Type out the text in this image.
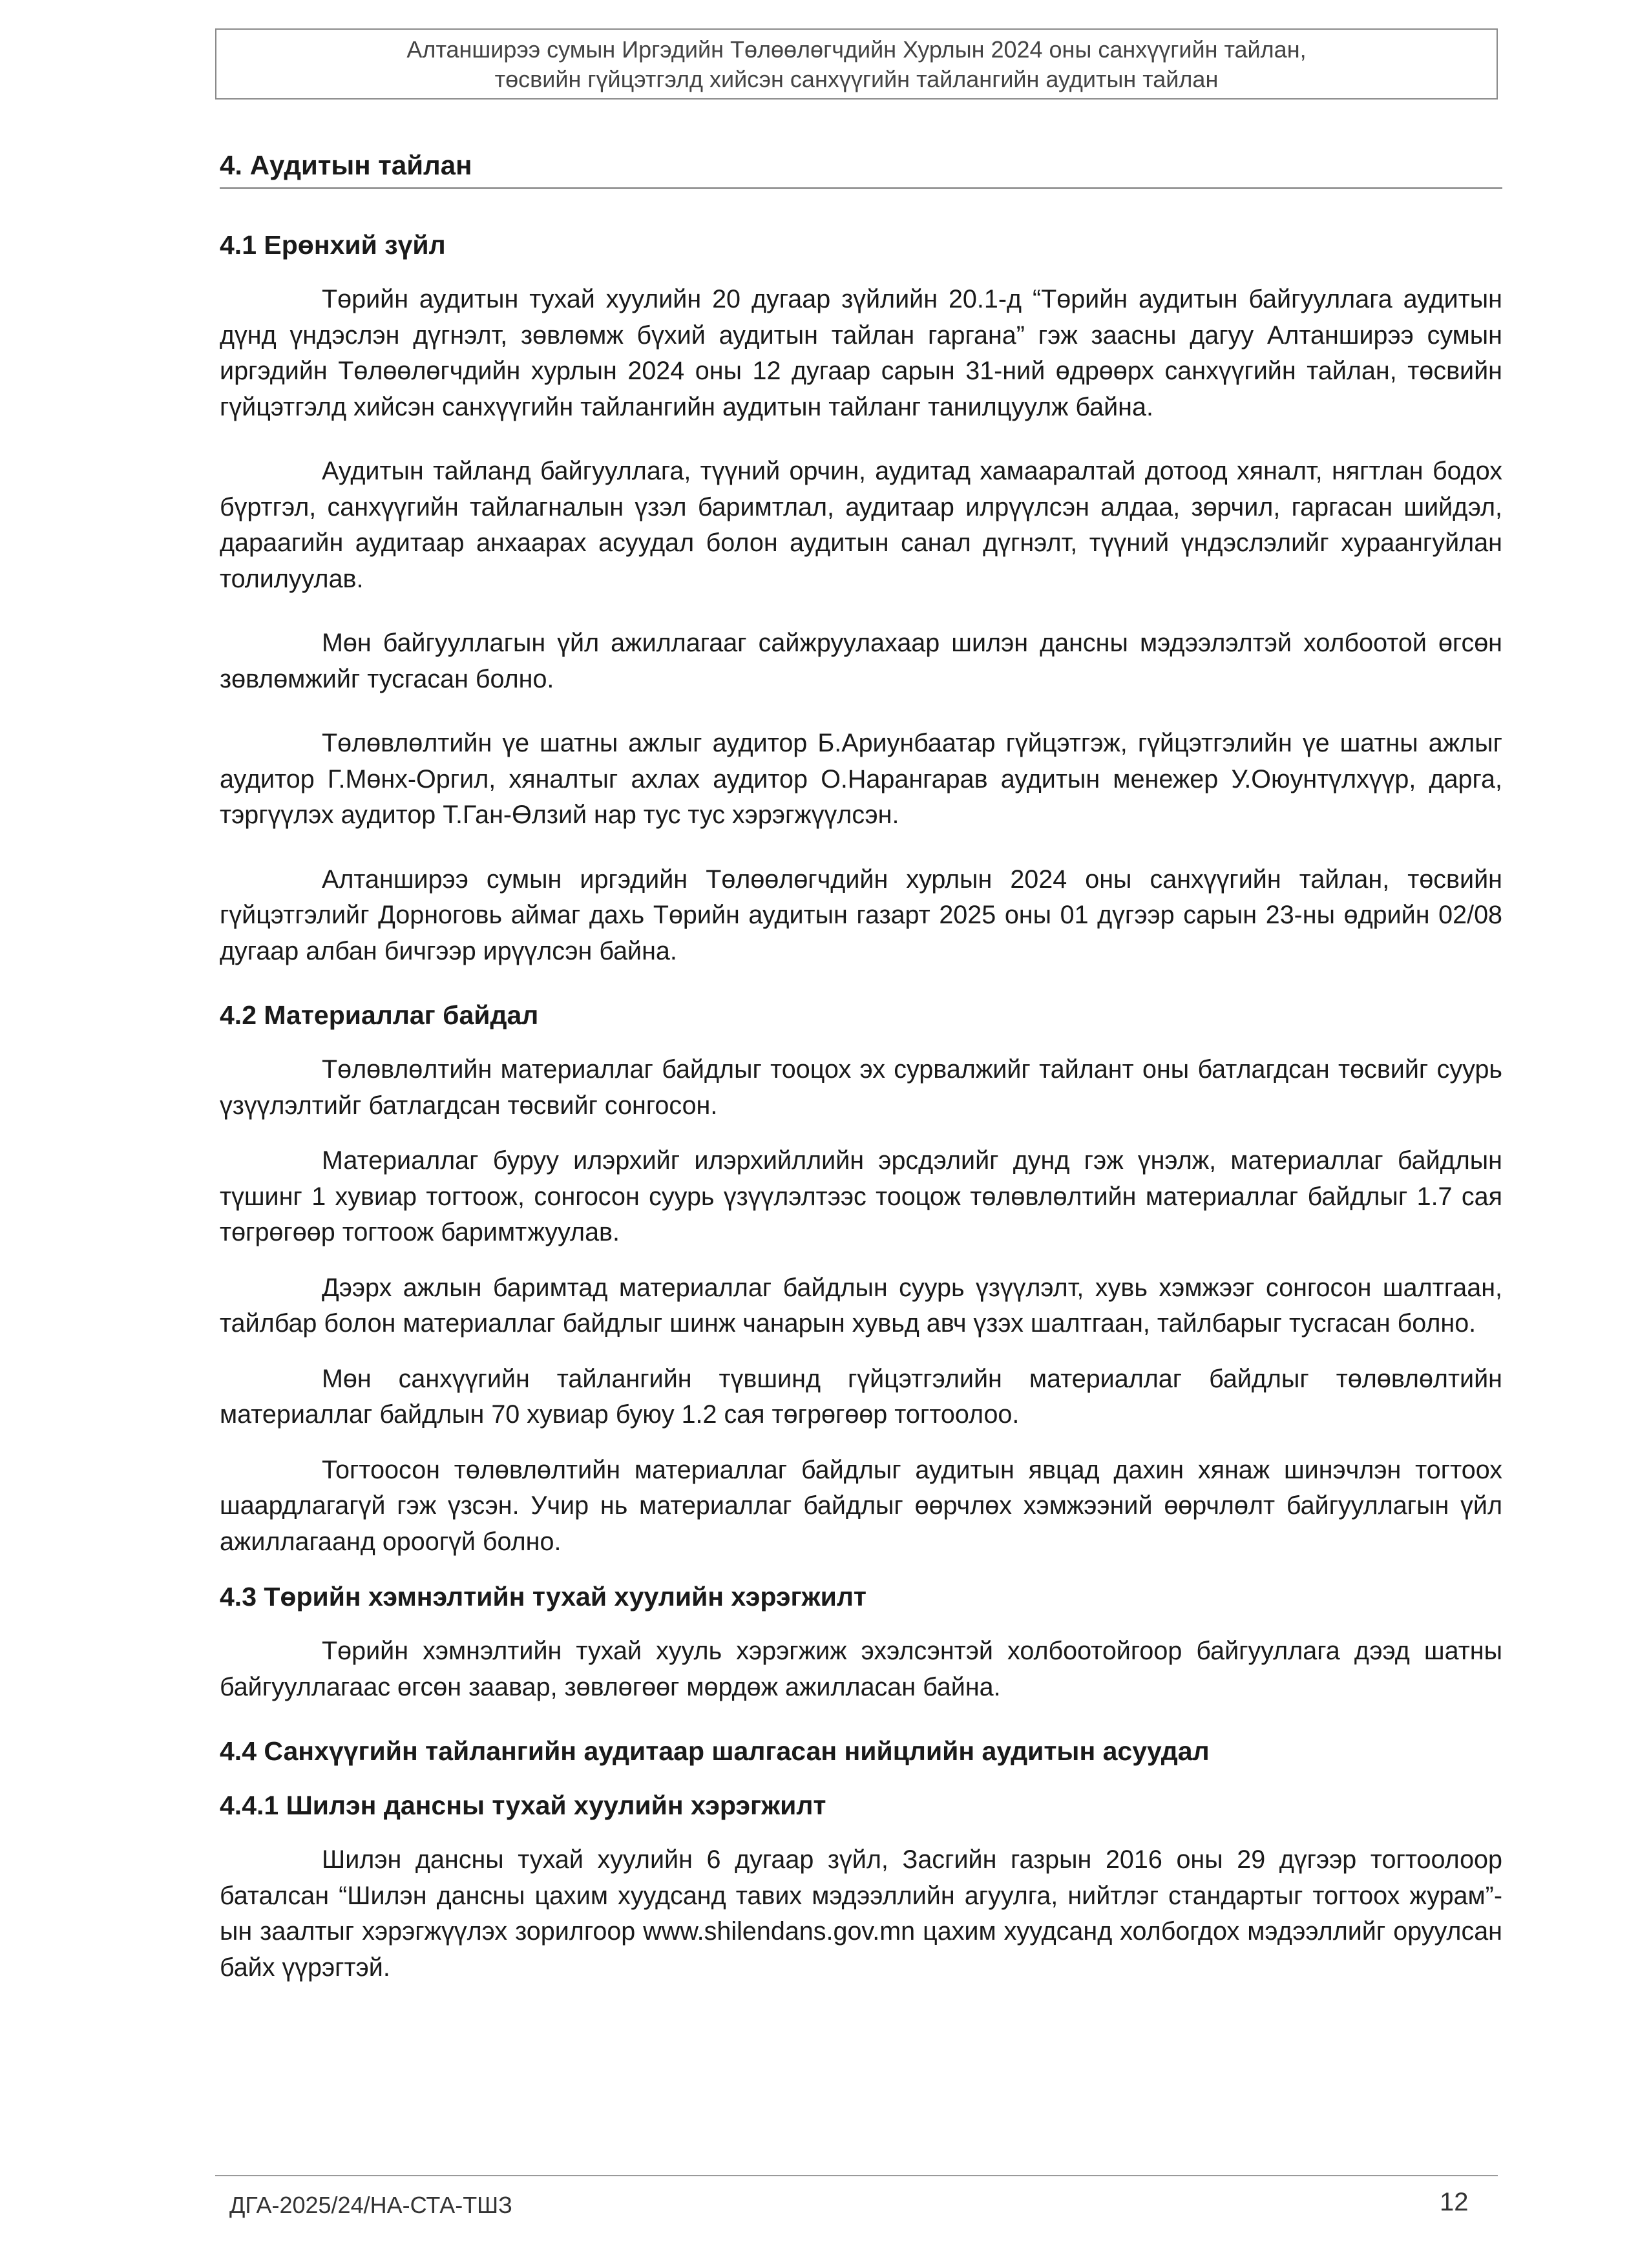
Алтанширээ сумын Иргэдийн Төлөөлөгчдийн Хурлын 2024 оны санхүүгийн тайлан,
төсвийн гүйцэтгэлд хийсэн санхүүгийн тайлангийн аудитын тайлан
4. Аудитын тайлан
4.1 Ерөнхий зүйл

Төрийн аудитын тухай хуулийн 20 дугаар зүйлийн 20.1-д “Төрийн аудитын байгууллага аудитын дүнд үндэслэн дүгнэлт, зөвлөмж бүхий аудитын тайлан гаргана” гэж заасны дагуу Алтанширээ сумын иргэдийн Төлөөлөгчдийн хурлын 2024 оны 12 дугаар сарын 31-ний өдрөөрх санхүүгийн тайлан, төсвийн гүйцэтгэлд хийсэн санхүүгийн тайлангийн аудитын тайланг танилцуулж байна.

Аудитын тайланд байгууллага, түүний орчин, аудитад хамааралтай дотоод хяналт, нягтлан бодох бүртгэл, санхүүгийн тайлагналын үзэл баримтлал, аудитаар илрүүлсэн алдаа, зөрчил, гаргасан шийдэл, дараагийн аудитаар анхаарах асуудал болон аудитын санал дүгнэлт, түүний үндэслэлийг хураангуйлан толилуулав.

Мөн байгууллагын үйл ажиллагааг сайжруулахаар шилэн дансны мэдээлэлтэй холбоотой өгсөн зөвлөмжийг тусгасан болно.

Төлөвлөлтийн үе шатны ажлыг аудитор Б.Ариунбаатар гүйцэтгэж, гүйцэтгэлийн үе шатны ажлыг аудитор Г.Мөнх-Оргил, хяналтыг ахлах аудитор О.Нарангарав аудитын менежер У.Оюунтүлхүүр, дарга, тэргүүлэх аудитор Т.Ган-Өлзий нар тус тус хэрэгжүүлсэн.

Алтанширээ сумын иргэдийн Төлөөлөгчдийн хурлын 2024 оны санхүүгийн тайлан, төсвийн гүйцэтгэлийг Дорноговь аймаг дахь Төрийн аудитын газарт 2025 оны 01 дүгээр сарын 23-ны өдрийн 02/08 дугаар албан бичгээр ирүүлсэн байна.

4.2 Материаллаг байдал

Төлөвлөлтийн материаллаг байдлыг тооцох эх сурвалжийг тайлант оны батлагдсан төсвийг суурь үзүүлэлтийг батлагдсан төсвийг сонгосон.

Материаллаг буруу илэрхийг илэрхийллийн эрсдэлийг дунд гэж үнэлж, материаллаг байдлын түшинг 1 хувиар тогтоож, сонгосон суурь үзүүлэлтээс тооцож төлөвлөлтийн материаллаг байдлыг 1.7 сая төгрөгөөр тогтоож баримтжуулав.

Дээрх ажлын баримтад материаллаг байдлын суурь үзүүлэлт, хувь хэмжээг сонгосон шалтгаан, тайлбар болон материаллаг байдлыг шинж чанарын хувьд авч үзэх шалтгаан, тайлбарыг тусгасан болно.

Мөн санхүүгийн тайлангийн түвшинд гүйцэтгэлийн материаллаг байдлыг төлөвлөлтийн материаллаг байдлын 70 хувиар буюу 1.2 сая төгрөгөөр тогтоолоо.

Тогтоосон төлөвлөлтийн материаллаг байдлыг аудитын явцад дахин хянаж шинэчлэн тогтоох шаардлагагүй гэж үзсэн. Учир нь материаллаг байдлыг өөрчлөх хэмжээний өөрчлөлт байгууллагын үйл ажиллагаанд ороогүй болно.

4.3 Төрийн хэмнэлтийн тухай хуулийн хэрэгжилт

Төрийн хэмнэлтийн тухай хууль хэрэгжиж эхэлсэнтэй холбоотойгоор байгууллага дээд шатны байгууллагаас өгсөн заавар, зөвлөгөөг мөрдөж ажилласан байна.

4.4 Санхүүгийн тайлангийн аудитаар шалгасан нийцлийн аудитын асуудал
4.4.1 Шилэн дансны тухай хуулийн хэрэгжилт

Шилэн дансны тухай хуулийн 6 дугаар зүйл, Засгийн газрын 2016 оны 29 дүгээр тогтоолоор баталсан “Шилэн дансны цахим хуудсанд тавих мэдээллийн агуулга, нийтлэг стандартыг тогтоох журам”-ын заалтыг хэрэгжүүлэх зорилгоор www.shilendans.gov.mn цахим хуудсанд холбогдох мэдээллийг оруулсан байх үүрэгтэй.

ДГА-2025/24/НА-СТА-ТШЗ	12
